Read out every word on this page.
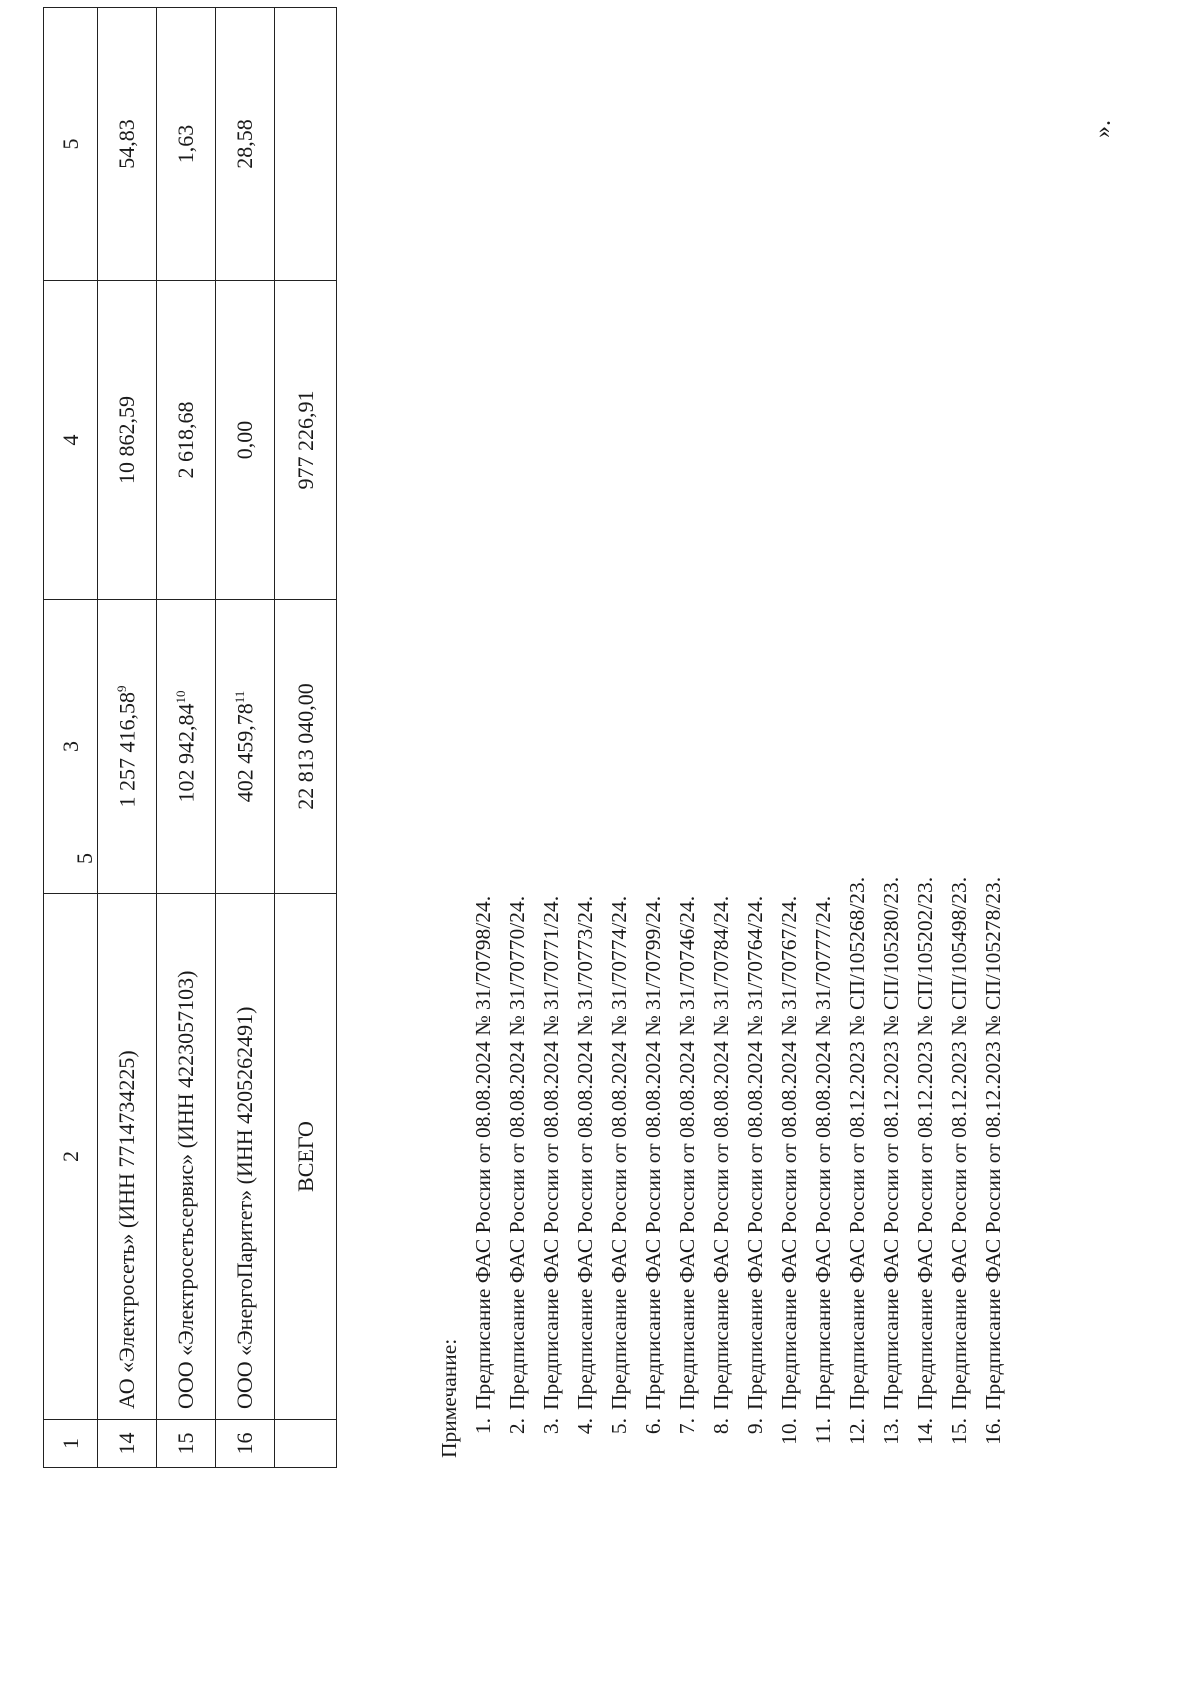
5
1	2	3	4	5
14	АО «Электросеть» (ИНН 7714734225)	1 257 416,58$^9$	10 862,59	54,83
15	ООО «Электросетьсервис» (ИНН 4223057103)	102 942,84$^{10}$	2 618,68	1,63
16	ООО «ЭнергоПаритет» (ИНН 4205262491)	402 459,78$^{11}$	0,00	28,58
	ВСЕГО	22 813 040,00	977 226,91	
Примечание: 1.
Предписание ФАС России от 08.08.2024 № 31/70798/24.
2.
Предписание ФАС России от 08.08.2024 № 31/70770/24.
3.
Предписание ФАС России от 08.08.2024 № 31/70771/24.
4.
Предписание ФАС России от 08.08.2024 № 31/70773/24.
5.
Предписание ФАС России от 08.08.2024 № 31/70774/24.
6.
Предписание ФАС России от 08.08.2024 № 31/70799/24.
7.
Предписание ФАС России от 08.08.2024 № 31/70746/24.
8.
Предписание ФАС России от 08.08.2024 № 31/70784/24.
9.
Предписание ФАС России от 08.08.2024 № 31/70764/24.
10.
Предписание ФАС России от 08.08.2024 № 31/70767/24.
11.
Предписание ФАС России от 08.08.2024 № 31/70777/24.
12.
Предписание ФАС России от 08.12.2023 № СП/105268/23.
13.
Предписание ФАС России от 08.12.2023 № СП/105280/23.
14.
Предписание ФАС России от 08.12.2023 № СП/105202/23.
15.
Предписание ФАС России от 08.12.2023 № СП/105498/23.
16.
Предписание ФАС России от 08.12.2023 № СП/105278/23.
».
